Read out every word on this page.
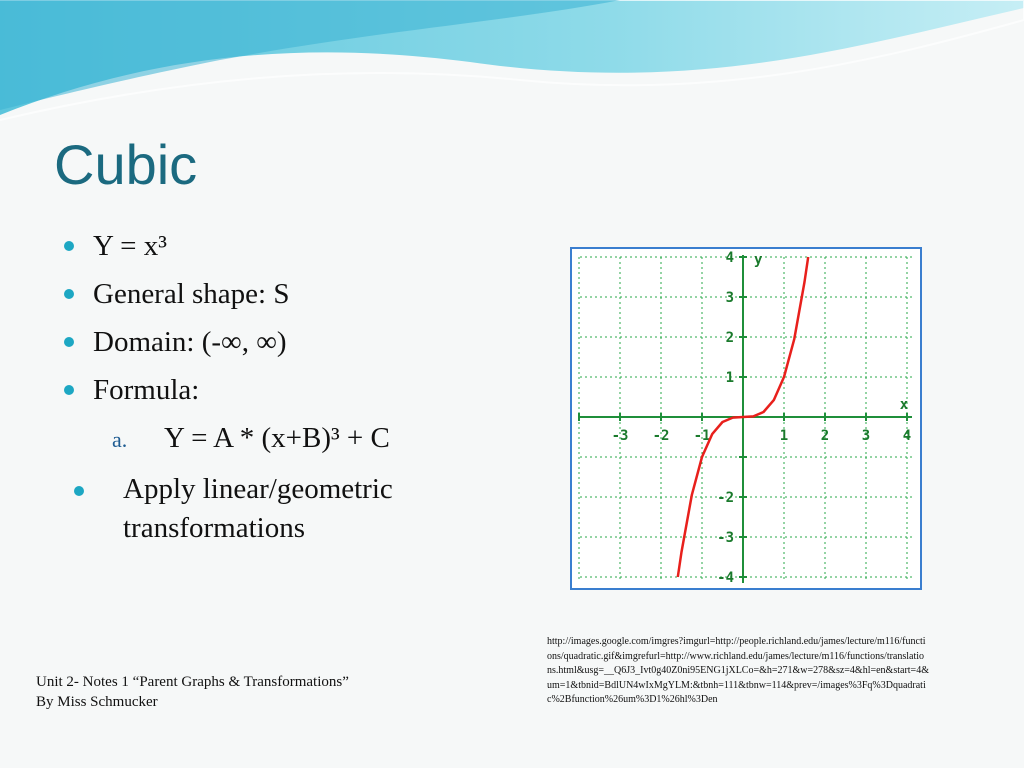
Cubic
Y = x³
General shape: S
Domain: (-∞, ∞)
Formula:
a. Y = A * (x+B)³ + C
Apply linear/geometric transformations
-3 -2 -1	1 2 3 4
4
3
2
1
-2
-3
-4
x
y
http://images.google.com/imgres?imgurl=http://people.richland.edu/james/lecture/m116/functions/quadratic.gif&imgrefurl=http://www.richland.edu/james/lecture/m116/functions/translations.html&usg=__Q6J3_Ivt0g40Z0ni95ENG1jXLCo=&h=271&w=278&sz=4&hl=en&start=4&um=1&tbnid=BdlUN4wIxMgYLM:&tbnh=111&tbnw=114&prev=/images%3Fq%3Dquadratic%2Bfunction%26um%3D1%26hl%3Den
Unit 2- Notes 1 “Parent Graphs & Transformations”
By Miss Schmucker
